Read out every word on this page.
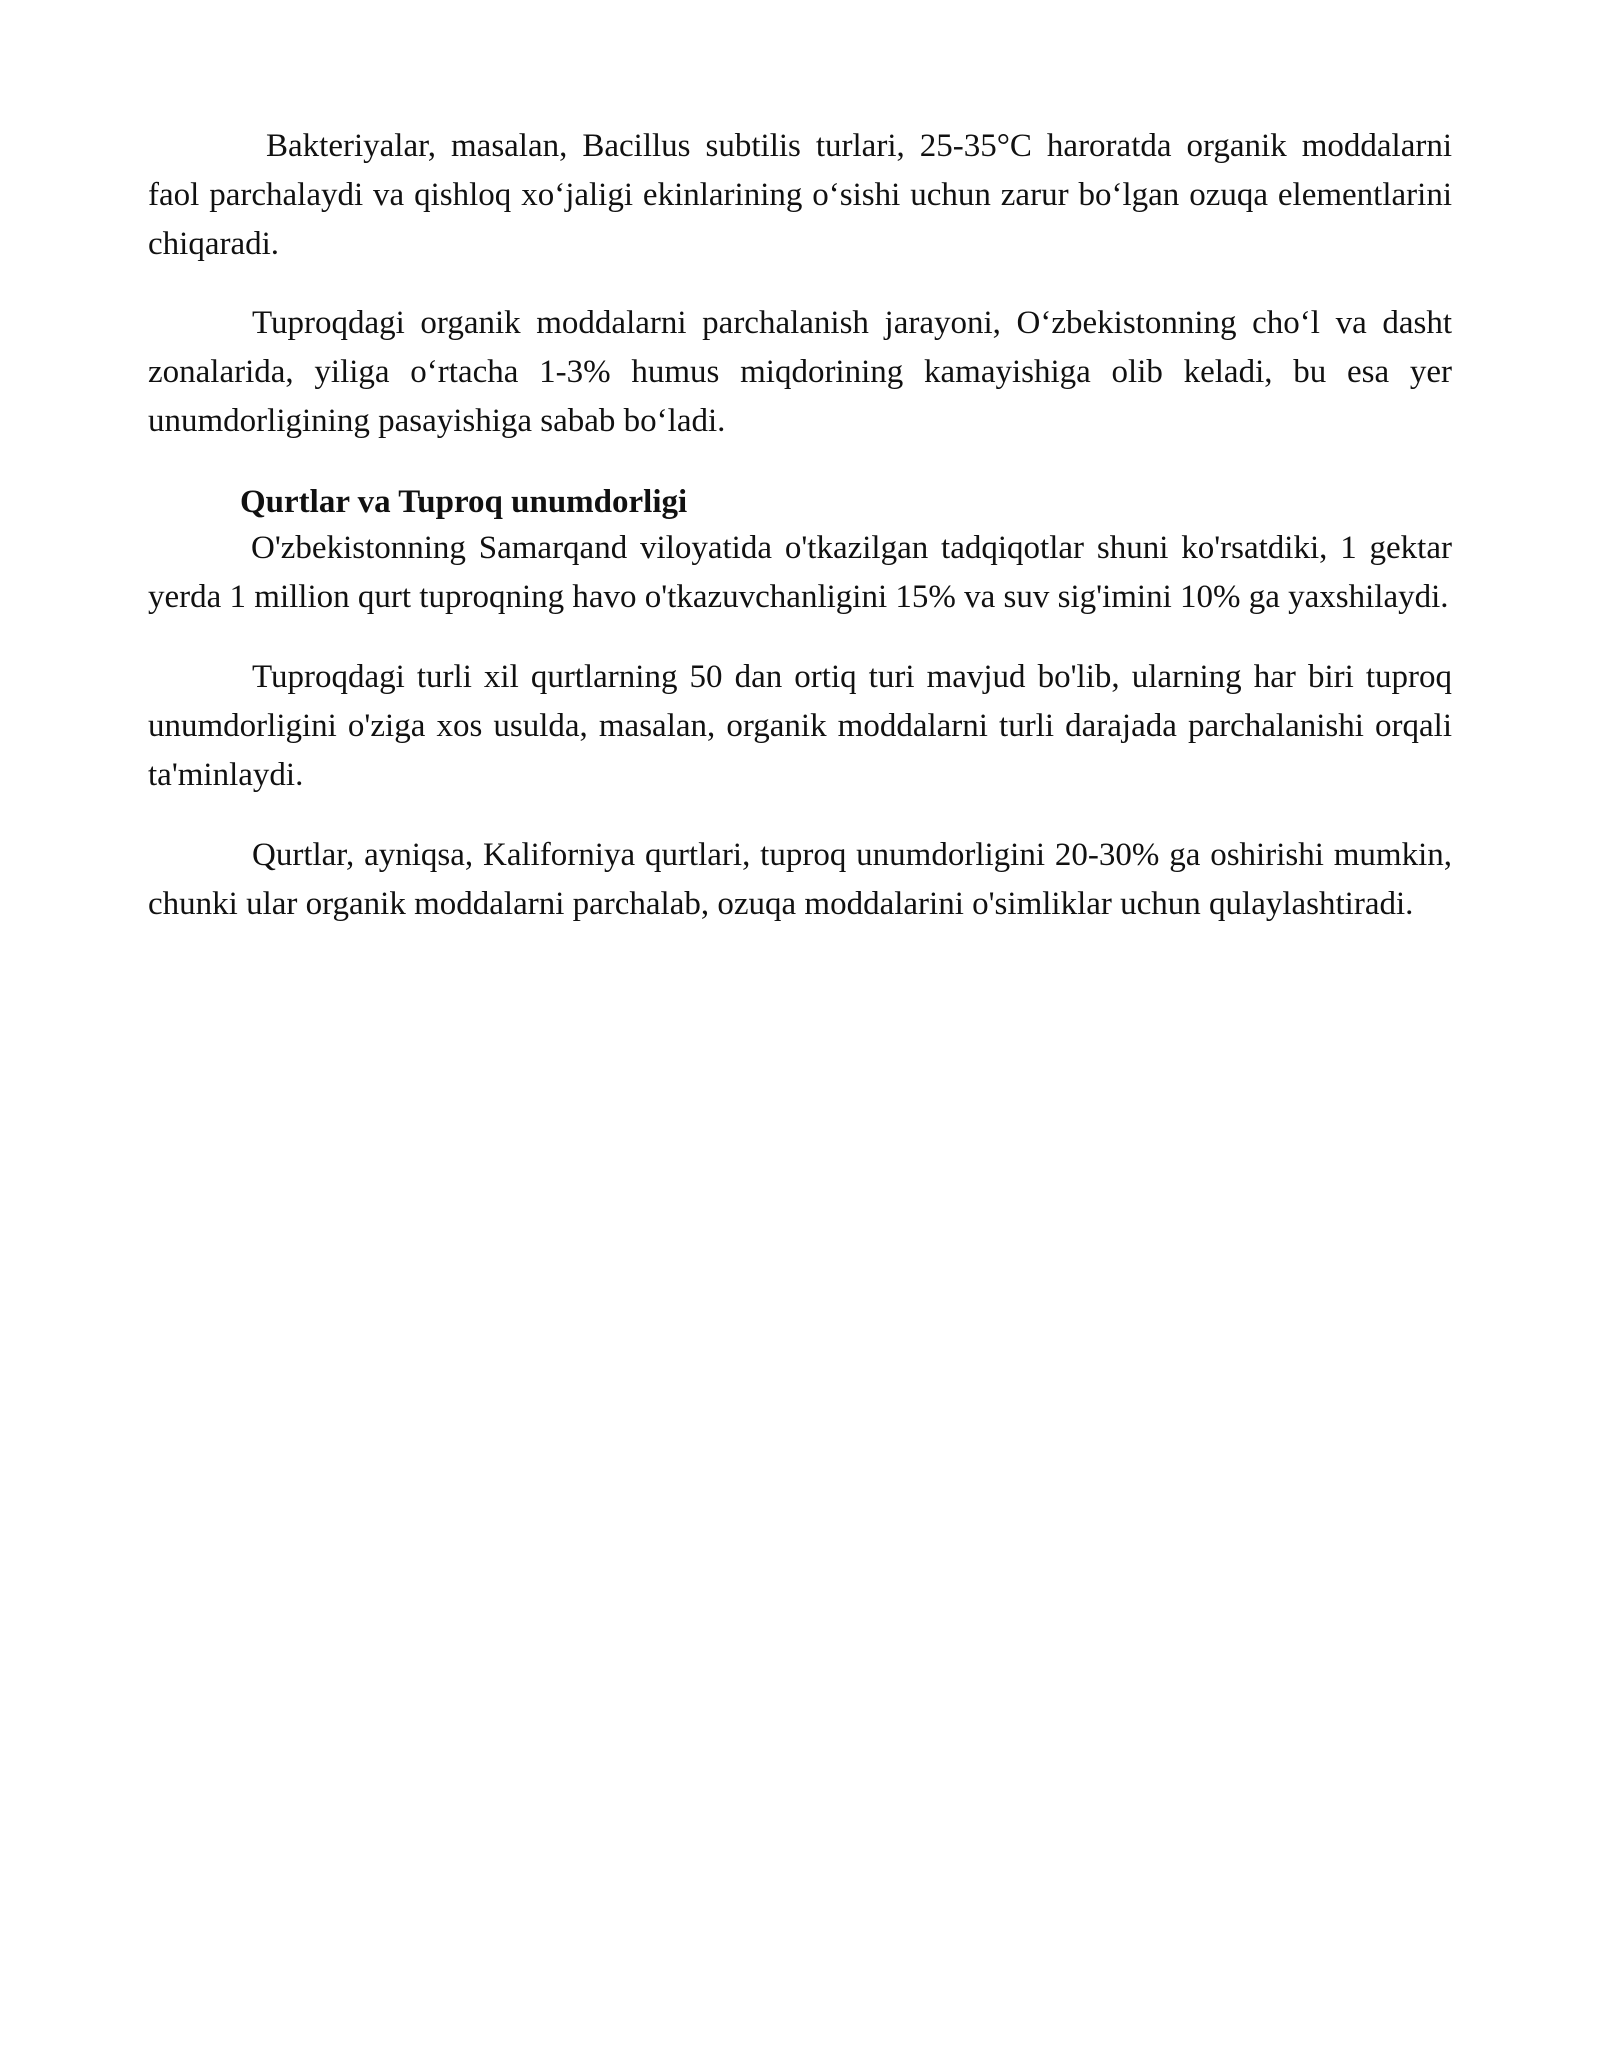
Bakteriyalar, masalan, Bacillus subtilis turlari, 25-35°C haroratda organik moddalarni faol parchalaydi va qishloq xo‘jaligi ekinlarining o‘sishi uchun zarur bo‘lgan ozuqa elementlarini chiqaradi.

Tuproqdagi organik moddalarni parchalanish jarayoni, O‘zbekistonning cho‘l va dasht zonalarida, yiliga o‘rtacha 1-3% humus miqdorining kamayishiga olib keladi, bu esa yer unumdorligining pasayishiga sabab bo‘ladi.

Qurtlar va Tuproq unumdorligi

O'zbekistonning Samarqand viloyatida o'tkazilgan tadqiqotlar shuni ko'rsatdiki, 1 gektar yerda 1 million qurt tuproqning havo o'tkazuvchanligini 15% va suv sig'imini 10% ga yaxshilaydi.

Tuproqdagi turli xil qurtlarning 50 dan ortiq turi mavjud bo'lib, ularning har biri tuproq unumdorligini o'ziga xos usulda, masalan, organik moddalarni turli darajada parchalanishi orqali ta'minlaydi.

Qurtlar, ayniqsa, Kaliforniya qurtlari, tuproq unumdorligini 20-30% ga oshirishi mumkin, chunki ular organik moddalarni parchalab, ozuqa moddalarini o'simliklar uchun qulaylashtiradi.
